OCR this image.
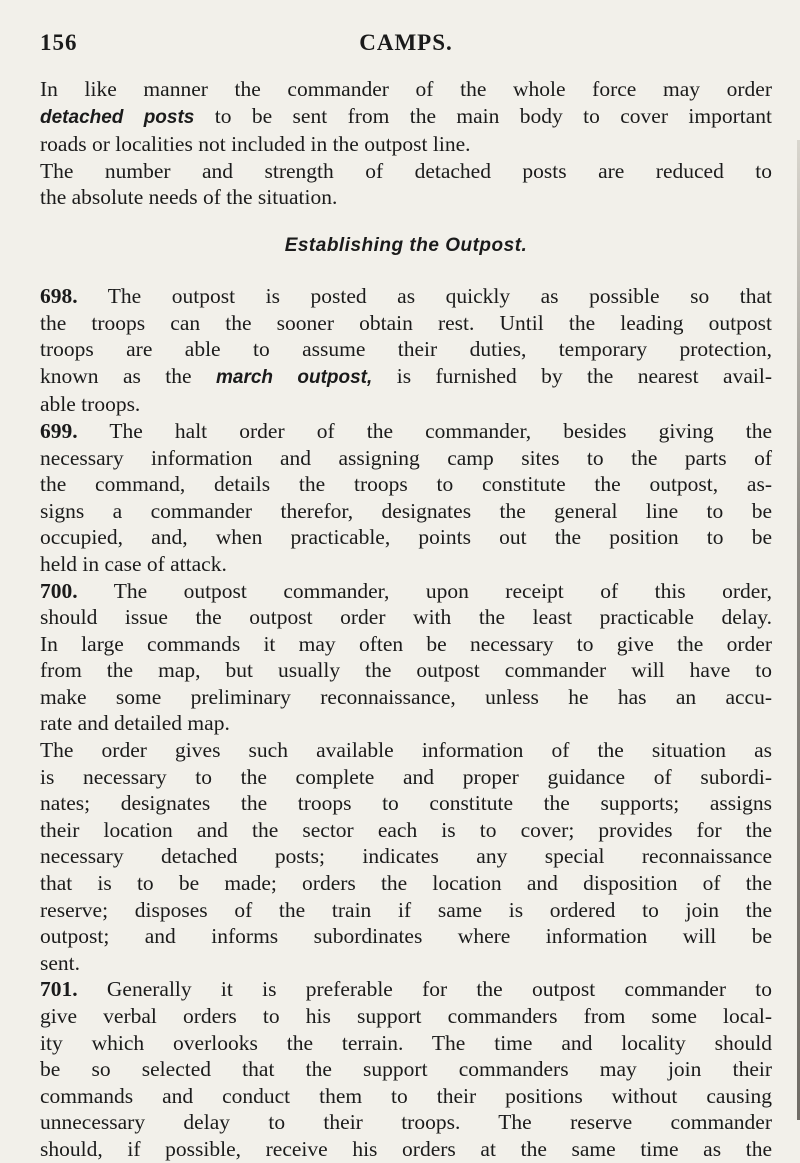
156	CAMPS.
In like manner the commander of the whole force may order
detached posts to be sent from the main body to cover important
roads or localities not included in the outpost line.
The number and strength of detached posts are reduced to
the absolute needs of the situation.
Establishing the Outpost.
698. The outpost is posted as quickly as possible so that
the troops can the sooner obtain rest. Until the leading outpost
troops are able to assume their duties, temporary protection,
known as the march outpost, is furnished by the nearest avail-
able troops.
699. The halt order of the commander, besides giving the
necessary information and assigning camp sites to the parts of
the command, details the troops to constitute the outpost, as-
signs a commander therefor, designates the general line to be
occupied, and, when practicable, points out the position to be
held in case of attack.
700. The outpost commander, upon receipt of this order,
should issue the outpost order with the least practicable delay.
In large commands it may often be necessary to give the order
from the map, but usually the outpost commander will have to
make some preliminary reconnaissance, unless he has an accu-
rate and detailed map.
The order gives such available information of the situation as
is necessary to the complete and proper guidance of subordi-
nates; designates the troops to constitute the supports; assigns
their location and the sector each is to cover; provides for the
necessary detached posts; indicates any special reconnaissance
that is to be made; orders the location and disposition of the
reserve; disposes of the train if same is ordered to join the
outpost; and informs subordinates where information will be
sent.
701. Generally it is preferable for the outpost commander to
give verbal orders to his support commanders from some local-
ity which overlooks the terrain. The time and locality should
be so selected that the support commanders may join their
commands and conduct them to their positions without causing
unnecessary delay to their troops. The reserve commander
should, if possible, receive his orders at the same time as the
